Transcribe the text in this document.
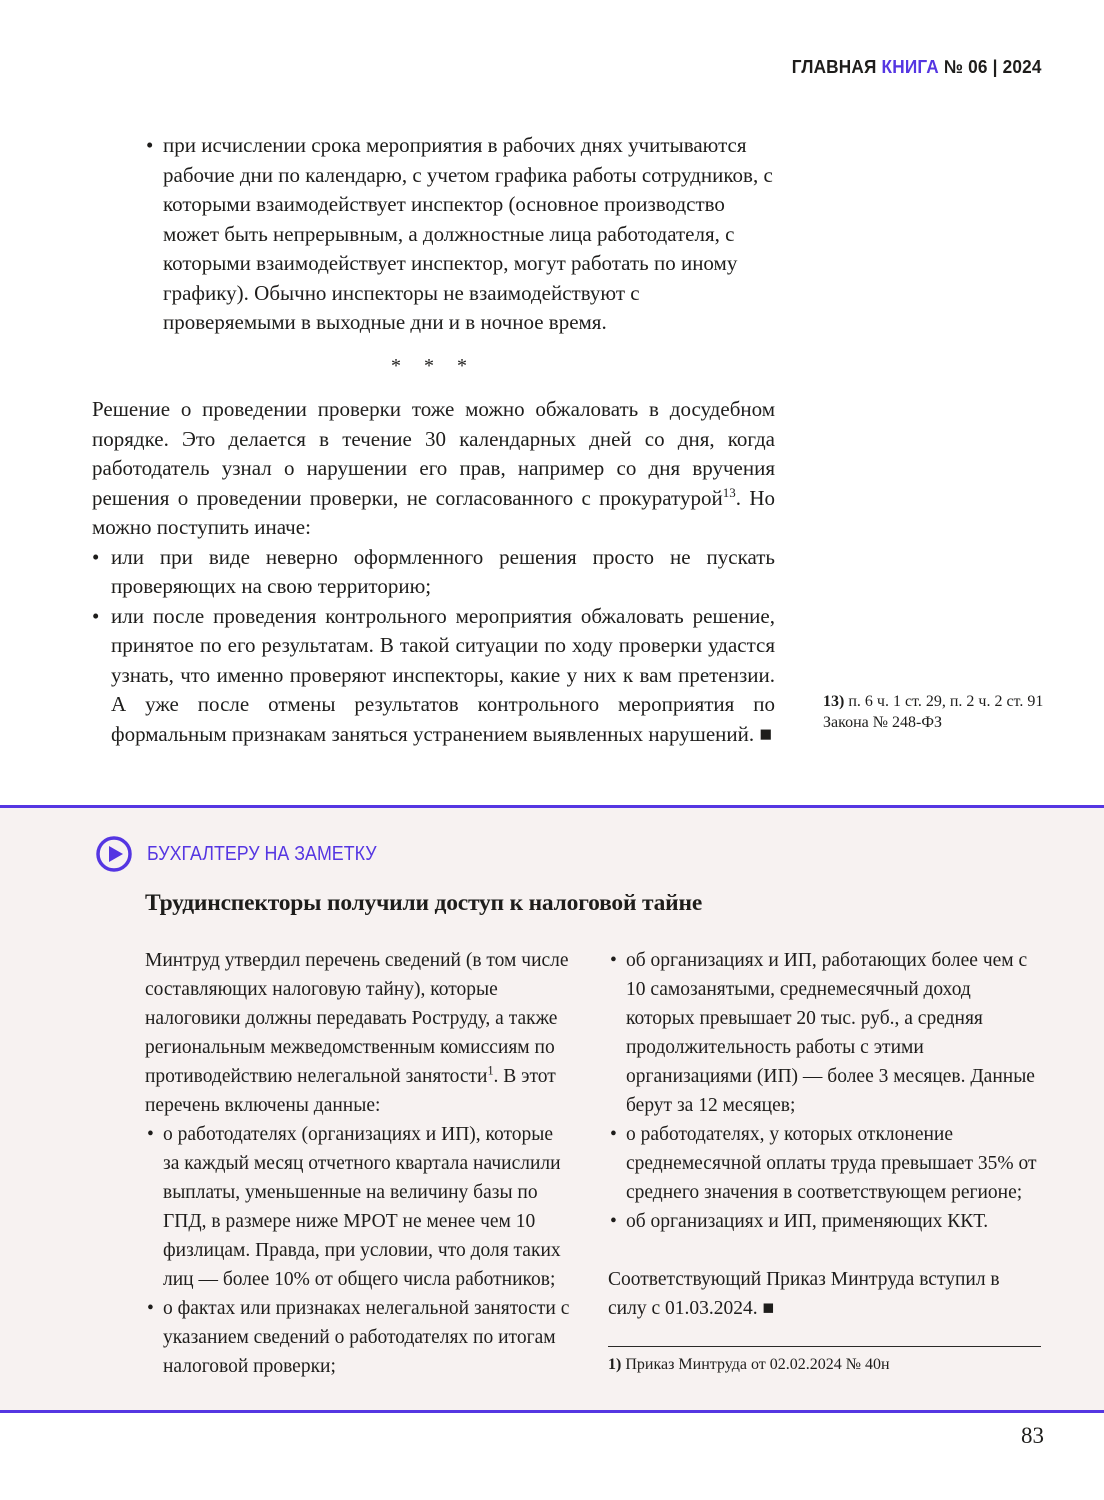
ГЛАВНАЯ КНИГА № 06 | 2024
• при исчислении срока мероприятия в рабочих днях учитываются рабочие дни по календарю, с учетом графика работы сотрудников, с которыми взаимодействует инспектор (основное производство может быть непрерывным, а должностные лица работодателя, с которыми взаимодействует инспектор, могут работать по иному графику). Обычно инспекторы не взаимодействуют с проверяемыми в выходные дни и в ночное время.
* * *

Решение о проведении проверки тоже можно обжаловать в досудебном порядке. Это делается в течение 30 календарных дней со дня, когда работодатель узнал о нарушении его прав, например со дня вручения решения о проведении проверки, не согласованного с прокуратурой$^{13}$. Но можно поступить иначе:

• или при виде неверно оформленного решения просто не пускать проверяющих на свою территорию;
• или после проведения контрольного мероприятия обжаловать решение, принятое по его результатам. В такой ситуации по ходу проверки удастся узнать, что именно проверяют инспекторы, какие у них к вам претензии. А уже после отмены результатов контрольного мероприятия по формальным признакам заняться устранением выявленных нарушений. ■
13) п. 6 ч. 1 ст. 29, п. 2 ч. 2 ст. 91 Закона № 248-ФЗ
БУХГАЛТЕРУ НА ЗАМЕТКУ
Трудинспекторы получили доступ к налоговой тайне

Минтруд утвердил перечень сведений (в том числе составляющих налоговую тайну), которые налоговики должны передавать Роструду, а также региональным межведомственным комиссиям по противодействию нелегальной занятости$^1$. В этот перечень включены данные:

• о работодателях (организациях и ИП), которые за каждый месяц отчетного квартала начислили выплаты, уменьшенные на величину базы по ГПД, в размере ниже МРОТ не менее чем 10 физлицам. Правда, при условии, что доля таких лиц — более 10% от общего числа работников;
• о фактах или признаках нелегальной занятости с указанием сведений о работодателях по итогам налоговой проверки;
• об организациях и ИП, работающих более чем с 10 самозанятыми, среднемесячный доход которых превышает 20 тыс. руб., а средняя продолжительность работы с этими организациями (ИП) — более 3 месяцев. Данные берут за 12 месяцев;
• о работодателях, у которых отклонение среднемесячной оплаты труда превышает 35% от среднего значения в соответствующем регионе;
• об организациях и ИП, применяющих ККТ.

Соответствующий Приказ Минтруда вступил в силу с 01.03.2024. ■

1) Приказ Минтруда от 02.02.2024 № 40н
83
